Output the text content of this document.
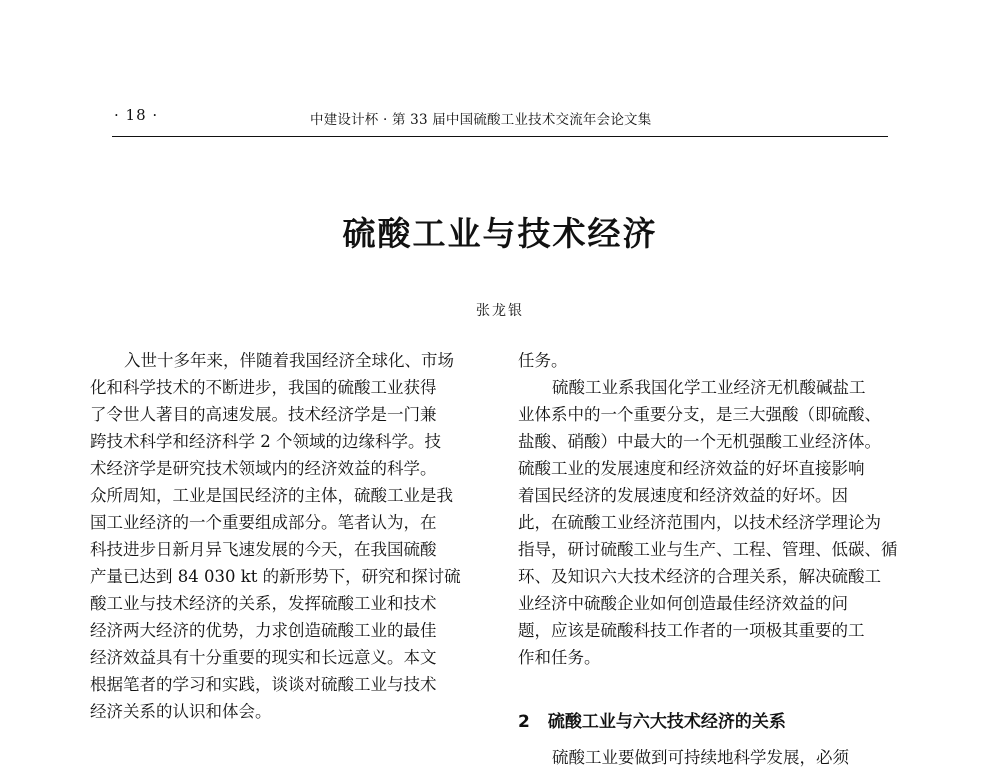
· 18 ·	中建设计杯 · 第 33 届中国硫酸工业技术交流年会论文集
硫酸工业与技术经济
张龙银
入世十多年来，伴随着我国经济全球化、市场
化和科学技术的不断进步，我国的硫酸工业获得
了令世人著目的高速发展。技术经济学是一门兼
跨技术科学和经济科学 2 个领域的边缘科学。技
术经济学是研究技术领域内的经济效益的科学。
众所周知，工业是国民经济的主体，硫酸工业是我
国工业经济的一个重要组成部分。笔者认为，在
科技进步日新月异飞速发展的今天，在我国硫酸
产量已达到 84 030 kt 的新形势下，研究和探讨硫
酸工业与技术经济的关系，发挥硫酸工业和技术
经济两大经济的优势，力求创造硫酸工业的最佳
经济效益具有十分重要的现实和长远意义。本文
根据笔者的学习和实践，谈谈对硫酸工业与技术
经济关系的认识和体会。
任务。
硫酸工业系我国化学工业经济无机酸碱盐工
业体系中的一个重要分支，是三大强酸（即硫酸、
盐酸、硝酸）中最大的一个无机强酸工业经济体。
硫酸工业的发展速度和经济效益的好坏直接影响
着国民经济的发展速度和经济效益的好坏。因
此，在硫酸工业经济范围内，以技术经济学理论为
指导，研讨硫酸工业与生产、工程、管理、低碳、循
环、及知识六大技术经济的合理关系，解决硫酸工
业经济中硫酸企业如何创造最佳经济效益的问
题，应该是硫酸科技工作者的一项极其重要的工
作和任务。
2 硫酸工业与六大技术经济的关系
硫酸工业要做到可持续地科学发展，必须
